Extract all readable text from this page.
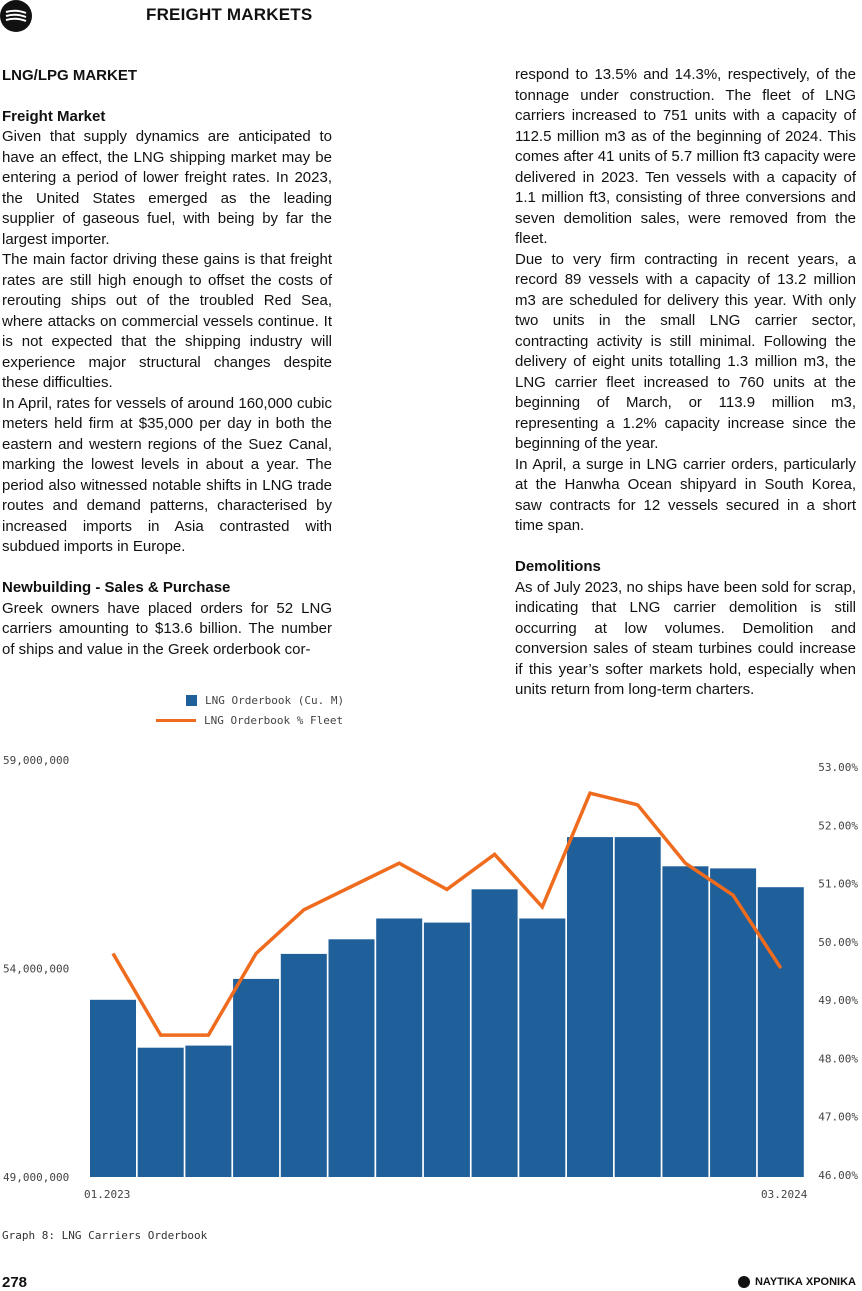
FREIGHT MARKETS
LNG/LPG MARKET
Freight Market

Given that supply dynamics are anticipated to have an effect, the LNG shipping market may be entering a period of lower freight rates. In 2023, the United States emerged as the leading supplier of gaseous fuel, with being by far the largest importer.

The main factor driving these gains is that freight rates are still high enough to offset the costs of rerouting ships out of the troubled Red Sea, where attacks on commercial vessels continue. It is not expected that the shipping industry will experience major structural changes despite these difficulties.

In April, rates for vessels of around 160,000 cubic meters held firm at $35,000 per day in both the eastern and western regions of the Suez Canal, marking the lowest levels in about a year. The period also witnessed notable shifts in LNG trade routes and demand patterns, characterised by increased imports in Asia contrasted with subdued imports in Europe.

Newbuilding - Sales & Purchase

Greek owners have placed orders for 52 LNG carriers amounting to $13.6 billion. The number of ships and value in the Greek orderbook cor-

respond to 13.5% and 14.3%, respectively, of the tonnage under construction. The fleet of LNG carriers increased to 751 units with a capacity of 112.5 million m3 as of the beginning of 2024. This comes after 41 units of 5.7 million ft3 capacity were delivered in 2023. Ten vessels with a capacity of 1.1 million ft3, consisting of three conversions and seven demolition sales, were removed from the fleet.

Due to very firm contracting in recent years, a record 89 vessels with a capacity of 13.2 million m3 are scheduled for delivery this year. With only two units in the small LNG carrier sector, contracting activity is still minimal. Following the delivery of eight units totalling 1.3 million m3, the LNG carrier fleet increased to 760 units at the beginning of March, or 113.9 million m3, representing a 1.2% capacity increase since the beginning of the year.

In April, a surge in LNG carrier orders, particularly at the Hanwha Ocean shipyard in South Korea, saw contracts for 12 vessels secured in a short time span.

Demolitions

As of July 2023, no ships have been sold for scrap, indicating that LNG carrier demolition is still occurring at low volumes. Demolition and conversion sales of steam turbines could increase if this year’s softer markets hold, especially when units return from long-term charters.

LNG Orderbook (Cu. M)
LNG Orderbook % Fleet
59,000,000
54,000,000
49,000,000
53.00%
52.00%
51.00%
50.00%
49.00%
48.00%
47.00%
46.00%
01.2023	03.2024
Graph 8: LNG Carriers Orderbook
278	ΝΑΥΤΙΚΑ ΧΡΟΝΙΚΑ
